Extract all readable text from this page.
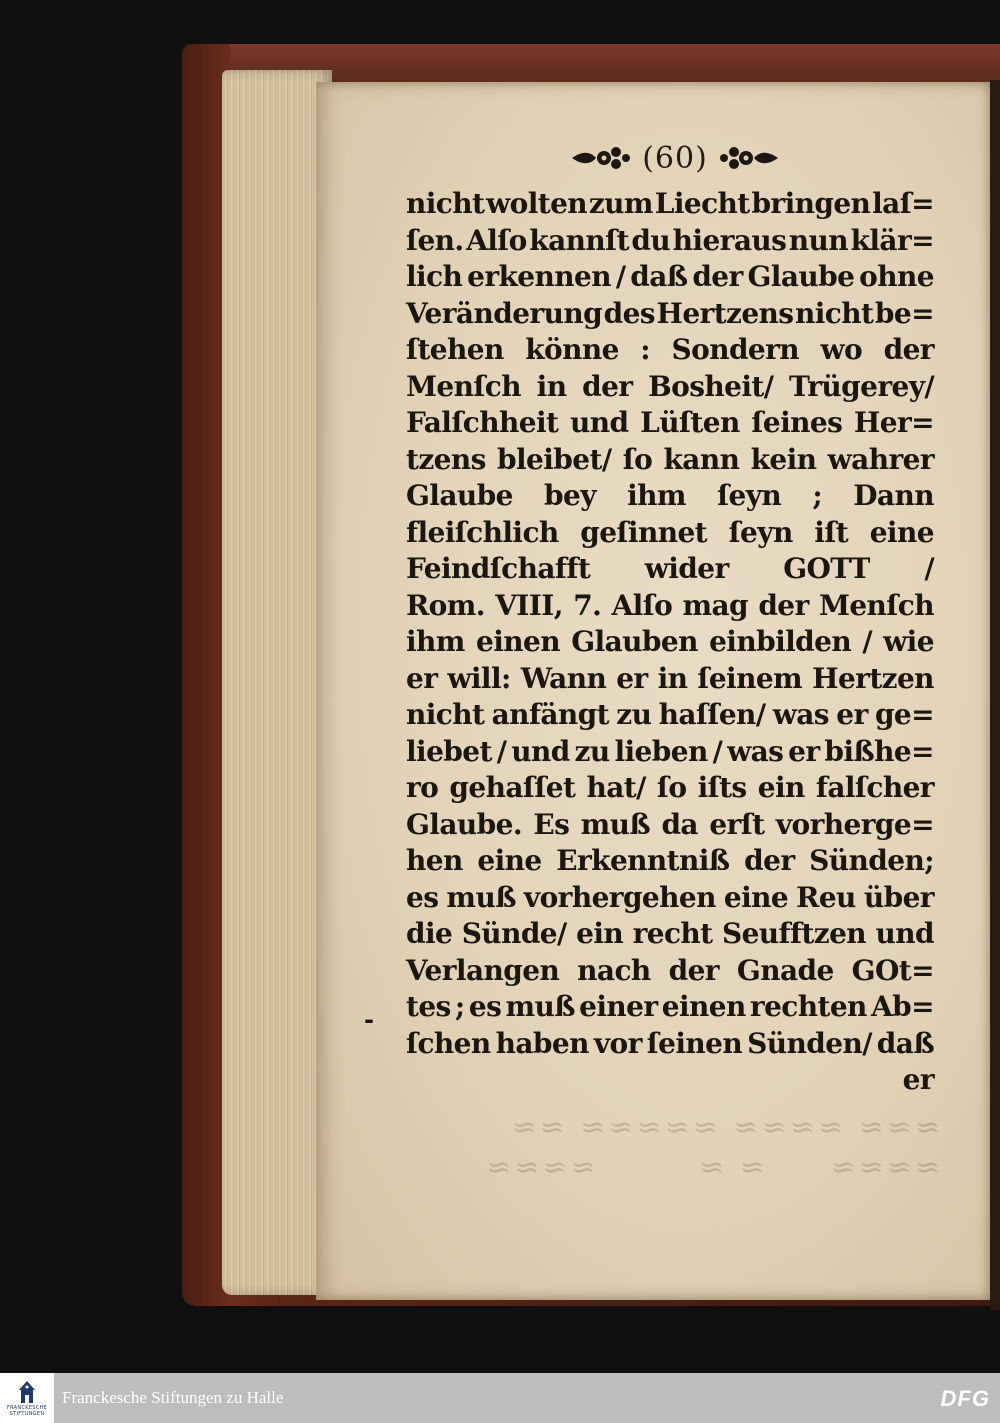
≈≈≈ ≈≈≈≈ ≈≈≈≈≈ ≈≈
≈≈≈≈     ≈ ≈        ≈≈≈≈
(60)
nicht wolten zum Liecht bringen laſ=
ſen. Alſo kannſt du hieraus nun klär=
lich erkennen / daß der Glaube ohne
Veränderung des Hertzens nicht be=
ſtehen könne : Sondern wo der
Menſch in der Bosheit/ Trügerey/
Falſchheit und Lüſten ſeines Her=
tzens bleibet/ ſo kann kein wahrer
Glaube bey ihm ſeyn ; Dann
fleiſchlich geſinnet ſeyn iſt eine
Feindſchafft wider GOTT /
Rom. VIII, 7. Alſo mag der Menſch
ihm einen Glauben einbilden / wie
er will: Wann er in ſeinem Hertzen
nicht anfängt zu haſſen/ was er ge=
liebet / und zu lieben / was er bißhe=
ro gehaſſet hat/ ſo iſts ein falſcher
Glaube. Es muß da erſt vorherge=
hen eine Erkenntniß der Sünden;
es muß vorhergehen eine Reu über
die Sünde/ ein recht Seufftzen und
Verlangen nach der Gnade GOt=
tes ; es muß einer einen rechten Ab=
ſchen haben vor ſeinen Sünden/ daß
er
-
FRANCKESCHE STIFTUNGEN
Franckesche Stiftungen zu Halle	DFG
